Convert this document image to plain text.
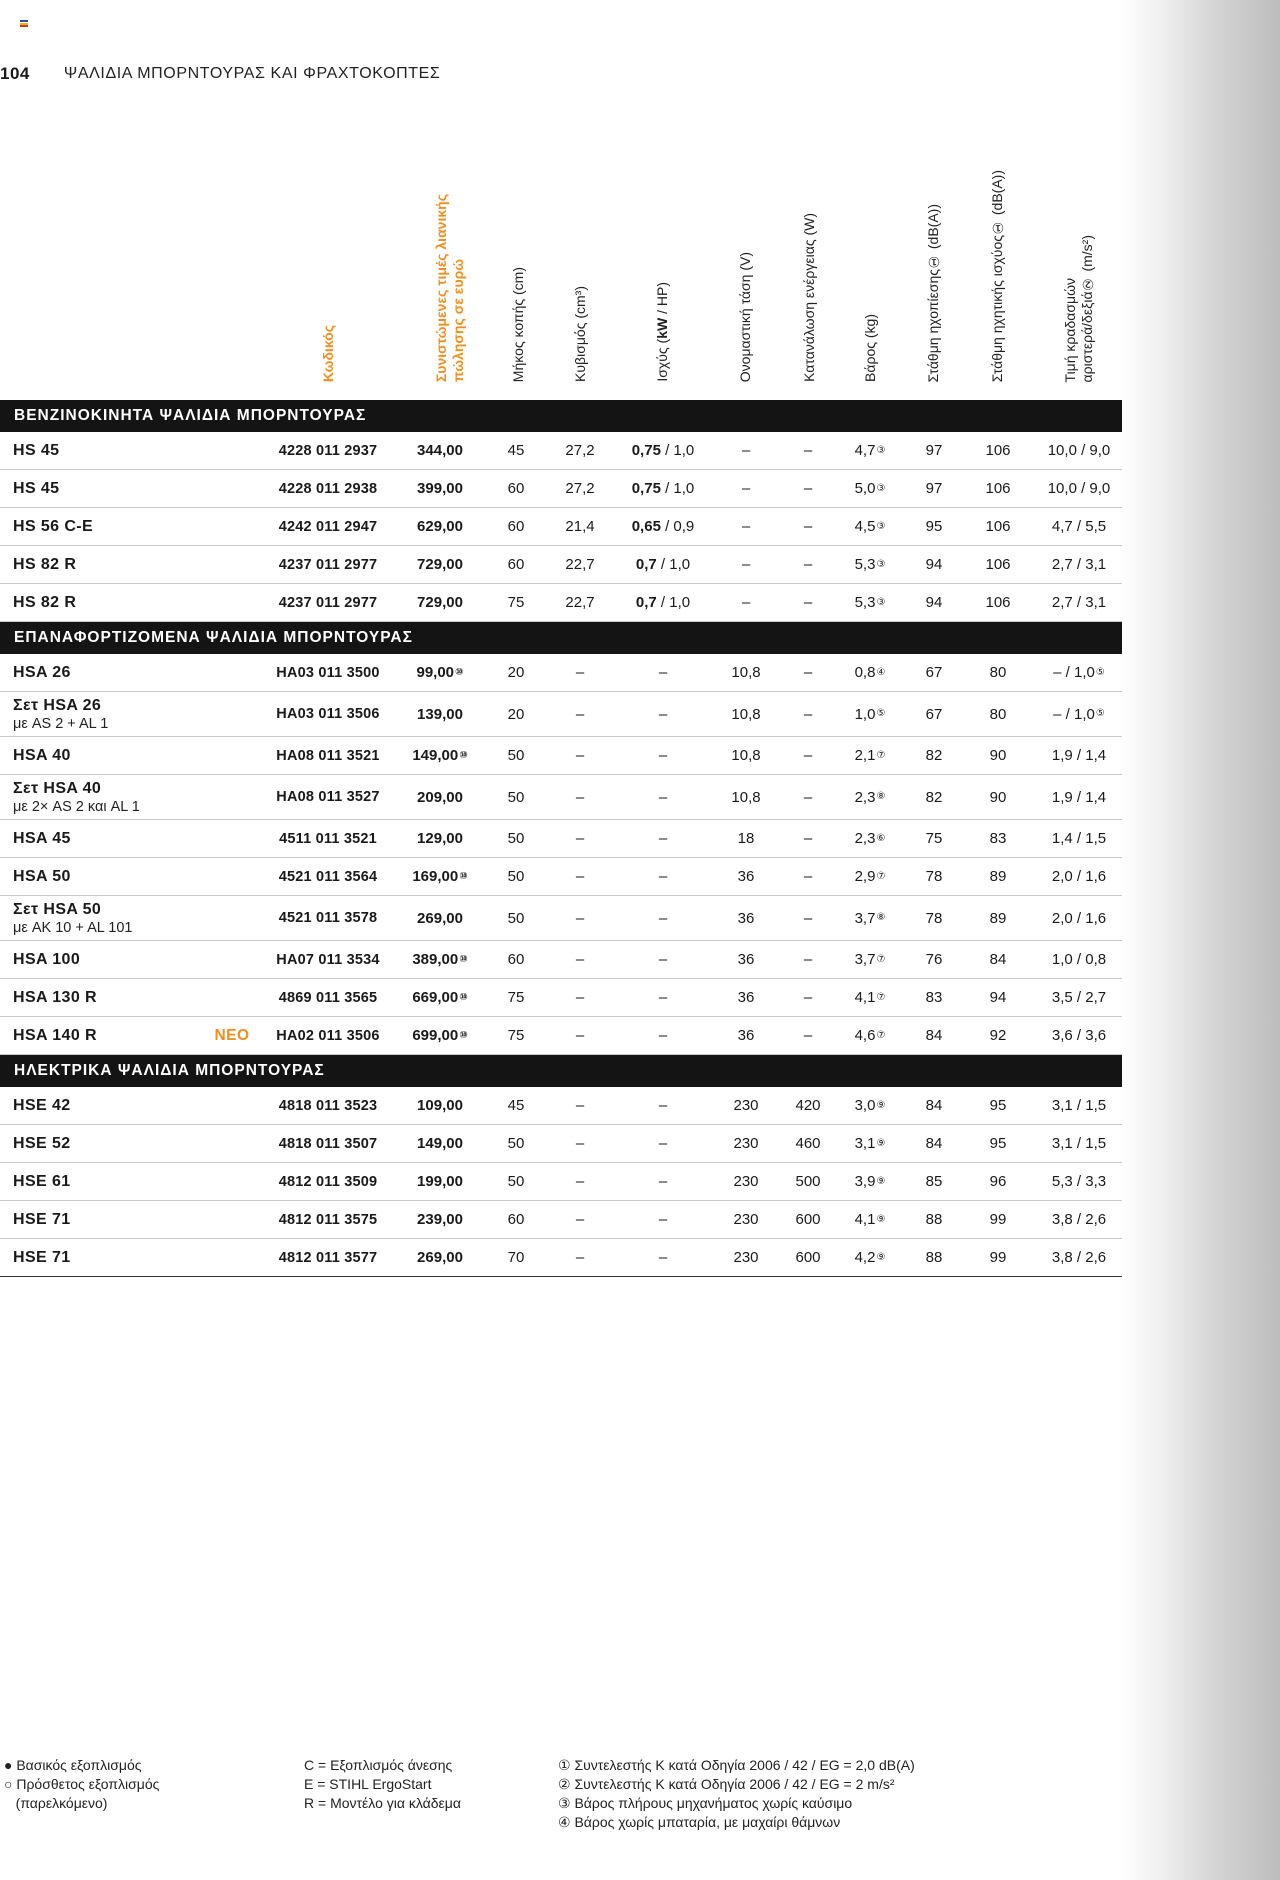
104 ΨΑΛΙΔΙΑ ΜΠΟΡΝΤΟΥΡΑΣ ΚΑΙ ΦΡΑΧΤΟΚΟΠΤΕΣ
Κωδικός	Συνιστώμενες τιμές λιανικής
πώλησης σε ευρώ	Μήκος κοπής (cm)	Κυβισμός (cm³)	Ισχύς (kW / HP)	Ονομαστική τάση (V)	Κατανάλωση ενέργειας (W)	Βάρος (kg)	Στάθμη ηχοπίεσης① (dB(A))	Στάθμη ηχητικής ισχύος① (dB(A))	Τιμή κραδασμών
αριστερά/δεξιά② (m/s²)
ΒΕΝΖΙΝΟΚΙΝΗΤΑ ΨΑΛΙΔΙΑ ΜΠΟΡΝΤΟΥΡΑΣ
HS 45	4228 011 2937	344,00	45	27,2	0,75 / 1,0	–	–	4,7 ③	97	106	10,0 / 9,0
HS 45	4228 011 2938	399,00	60	27,2	0,75 / 1,0	–	–	5,0 ③	97	106	10,0 / 9,0
HS 56 C-E	4242 011 2947	629,00	60	21,4	0,65 / 0,9	–	–	4,5 ③	95	106	4,7 / 5,5
HS 82 R	4237 011 2977	729,00	60	22,7	0,7 / 1,0	–	–	5,3 ③	94	106	2,7 / 3,1
HS 82 R	4237 011 2977	729,00	75	22,7	0,7 / 1,0	–	–	5,3 ③	94	106	2,7 / 3,1
ΕΠΑΝΑΦΟΡΤΙΖΟΜΕΝΑ ΨΑΛΙΔΙΑ ΜΠΟΡΝΤΟΥΡΑΣ
HSA 26	HA03 011 3500	99,00 ⑩	20	–	–	10,8	–	0,8 ④	67	80	– / 1,0 ⑤
Σετ HSA 26
με AS 2 + AL 1
HA03 011 3506	139,00	20	–	–	10,8	–	1,0 ⑤	67	80	– / 1,0 ⑤
HSA 40	HA08 011 3521	149,00 ⑩	50	–	–	10,8	–	2,1 ⑦	82	90	1,9 / 1,4
Σετ HSA 40
με 2× AS 2 και AL 1
HA08 011 3527	209,00	50	–	–	10,8	–	2,3 ⑧	82	90	1,9 / 1,4
HSA 45	4511 011 3521	129,00	50	–	–	18	–	2,3 ⑥	75	83	1,4 / 1,5
HSA 50	4521 011 3564	169,00 ⑩	50	–	–	36	–	2,9 ⑦	78	89	2,0 / 1,6
Σετ HSA 50
με AK 10 + AL 101
4521 011 3578	269,00	50	–	–	36	–	3,7 ⑧	78	89	2,0 / 1,6
HSA 100	HA07 011 3534	389,00 ⑩	60	–	–	36	–	3,7 ⑦	76	84	1,0 / 0,8
HSA 130 R	4869 011 3565	669,00 ⑩	75	–	–	36	–	4,1 ⑦	83	94	3,5 / 2,7
HSA 140 R	ΝΕΟ	HA02 011 3506	699,00 ⑩	75	–	–	36	–	4,6 ⑦	84	92	3,6 / 3,6
ΗΛΕΚΤΡΙΚΑ ΨΑΛΙΔΙΑ ΜΠΟΡΝΤΟΥΡΑΣ
HSE 42	4818 011 3523	109,00	45	–	–	230	420	3,0 ⑨	84	95	3,1 / 1,5
HSE 52	4818 011 3507	149,00	50	–	–	230	460	3,1 ⑨	84	95	3,1 / 1,5
HSE 61	4812 011 3509	199,00	50	–	–	230	500	3,9 ⑨	85	96	5,3 / 3,3
HSE 71	4812 011 3575	239,00	60	–	–	230	600	4,1 ⑨	88	99	3,8 / 2,6
HSE 71	4812 011 3577	269,00	70	–	–	230	600	4,2 ⑨	88	99	3,8 / 2,6
● Βασικός εξοπλισμός
○ Πρόσθετος εξοπλισμός
(παρελκόμενο)
C = Εξοπλισμός άνεσης
E = STIHL ErgoStart
R = Μοντέλο για κλάδεμα
① Συντελεστής K κατά Οδηγία 2006 / 42 / EG = 2,0 dB(A)
② Συντελεστής K κατά Οδηγία 2006 / 42 / EG = 2 m/s²
③ Βάρος πλήρους μηχανήματος χωρίς καύσιμο
④ Βάρος χωρίς μπαταρία, με μαχαίρι θάμνων
